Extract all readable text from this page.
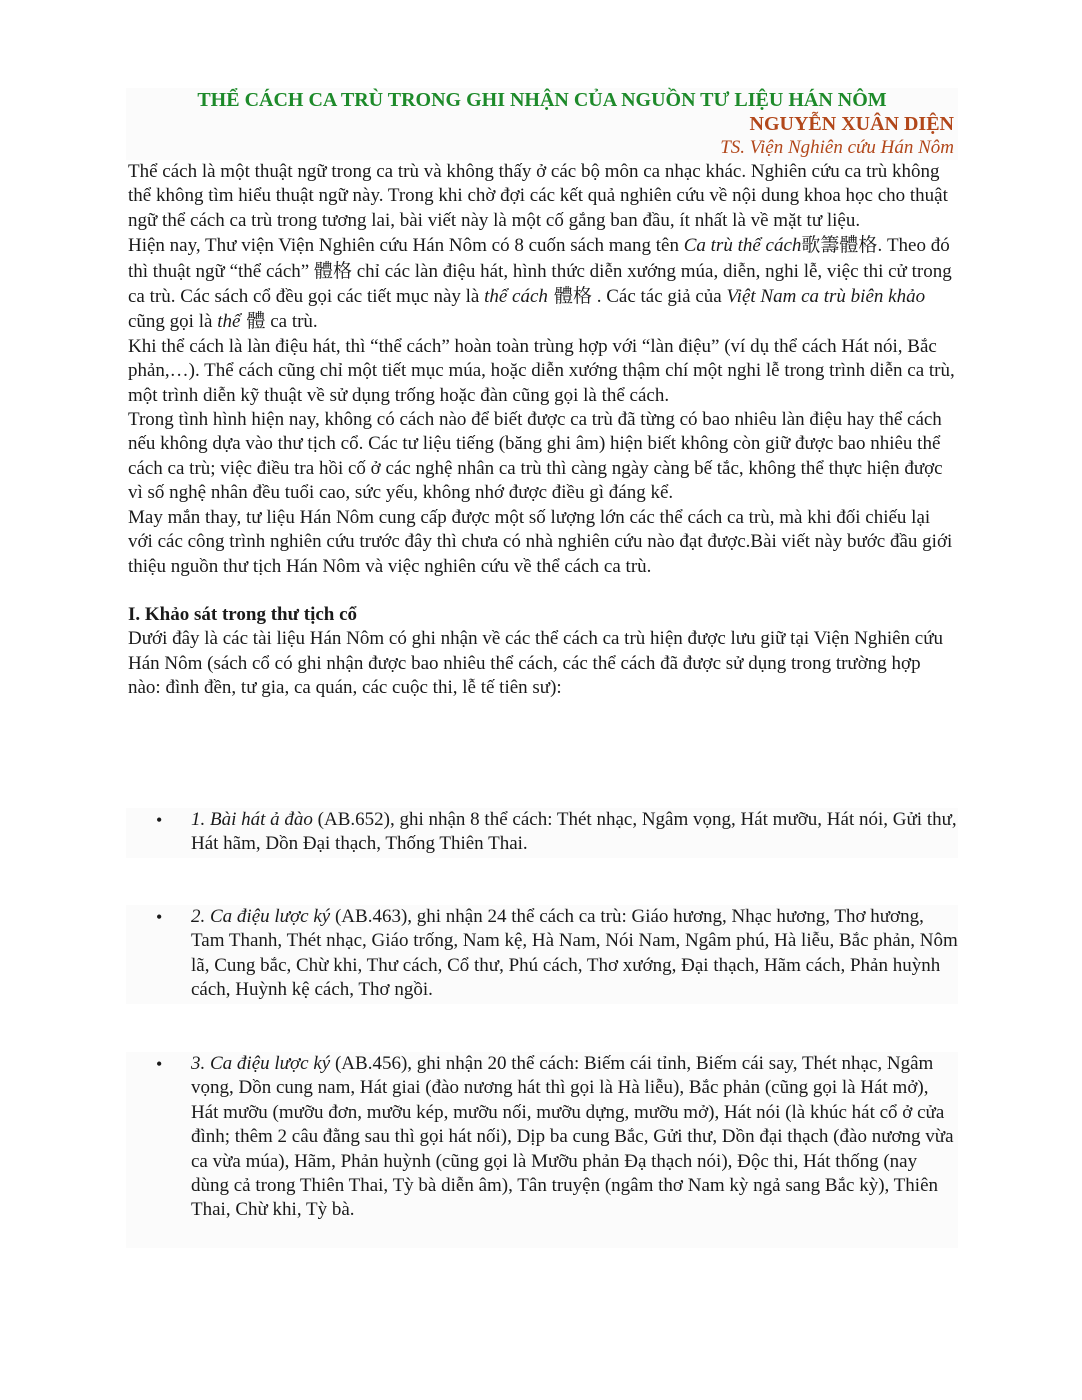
THỂ CÁCH CA TRÙ TRONG GHI NHẬN CỦA NGUỒN TƯ LIỆU HÁN NÔM
NGUYỄN XUÂN DIỆN
TS. Viện Nghiên cứu Hán Nôm

Thể cách là một thuật ngữ trong ca trù và không thấy ở các bộ môn ca nhạc khác. Nghiên cứu ca trù không thể không tìm hiểu thuật ngữ này. Trong khi chờ đợi các kết quả nghiên cứu về nội dung khoa học cho thuật ngữ thể cách ca trù trong tương lai, bài viết này là một cố gắng ban đầu, ít nhất là về mặt tư liệu.

Hiện nay, Thư viện Viện Nghiên cứu Hán Nôm có 8 cuốn sách mang tên Ca trù thể cách歌籌體格. Theo đó thì thuật ngữ “thể cách” 體格 chỉ các làn điệu hát, hình thức diễn xướng múa, diễn, nghi lễ, việc thi cử trong ca trù. Các sách cổ đều gọi các tiết mục này là thể cách 體格 . Các tác giả của Việt Nam ca trù biên khảo cũng gọi là thể 體 ca trù.

Khi thể cách là làn điệu hát, thì “thể cách” hoàn toàn trùng hợp với “làn điệu” (ví dụ thể cách Hát nói, Bắc phản,…). Thể cách cũng chỉ một tiết mục múa, hoặc diễn xướng thậm chí một nghi lễ trong trình diễn ca trù, một trình diễn kỹ thuật về sử dụng trống hoặc đàn cũng gọi là thể cách.

Trong tình hình hiện nay, không có cách nào để biết được ca trù đã từng có bao nhiêu làn điệu hay thể cách nếu không dựa vào thư tịch cổ. Các tư liệu tiếng (băng ghi âm) hiện biết không còn giữ được bao nhiêu thể cách ca trù; việc điều tra hồi cố ở các nghệ nhân ca trù thì càng ngày càng bế tắc, không thể thực hiện được vì số nghệ nhân đều tuổi cao, sức yếu, không nhớ được điều gì đáng kể.

May mắn thay, tư liệu Hán Nôm cung cấp được một số lượng lớn các thể cách ca trù, mà khi đối chiếu lại với các công trình nghiên cứu trước đây thì chưa có nhà nghiên cứu nào đạt được.Bài viết này bước đầu giới thiệu nguồn thư tịch Hán Nôm và việc nghiên cứu về thể cách ca trù.

I. Khảo sát trong thư tịch cổ

Dưới đây là các tài liệu Hán Nôm có ghi nhận về các thể cách ca trù hiện được lưu giữ tại Viện Nghiên cứu Hán Nôm (sách cổ có ghi nhận được bao nhiêu thể cách, các thể cách đã được sử dụng trong trường hợp nào: đình đền, tư gia, ca quán, các cuộc thi, lễ tế tiên sư):

• 1. Bài hát ả đào (AB.652), ghi nhận 8 thể cách: Thét nhạc, Ngâm vọng, Hát mưỡu, Hát nói, Gửi thư, Hát hãm, Dồn Đại thạch, Thống Thiên Thai.
• 2. Ca điệu lược ký (AB.463), ghi nhận 24 thể cách ca trù: Giáo hương, Nhạc hương, Thơ hương, Tam Thanh, Thét nhạc, Giáo trống, Nam kệ, Hà Nam, Nói Nam, Ngâm phú, Hà liễu, Bắc phản, Nôm lã, Cung bắc, Chừ khi, Thư cách, Cổ thư, Phú cách, Thơ xướng, Đại thạch, Hãm cách, Phản huỳnh cách, Huỳnh kệ cách, Thơ ngồi.
• 3. Ca điệu lược ký (AB.456), ghi nhận 20 thể cách: Biếm cái tỉnh, Biếm cái say, Thét nhạc, Ngâm vọng, Dồn cung nam, Hát giai (đào nương hát thì gọi là Hà liễu), Bắc phản (cũng gọi là Hát mở), Hát mưỡu (mưỡu đơn, mưỡu kép, mưỡu nối, mưỡu dựng, mưỡu mở), Hát nói (là khúc hát cổ ở cửa đình; thêm 2 câu đằng sau thì gọi hát nối), Dịp ba cung Bắc, Gửi thư, Dồn đại thạch (đào nương vừa ca vừa múa), Hãm, Phản huỳnh (cũng gọi là Mưỡu phản Đạ thạch nói), Độc thi, Hát thống (nay dùng cả trong Thiên Thai, Tỳ bà diễn âm), Tân truyện (ngâm thơ Nam kỳ ngả sang Bắc kỳ), Thiên Thai, Chừ khi, Tỳ bà.
